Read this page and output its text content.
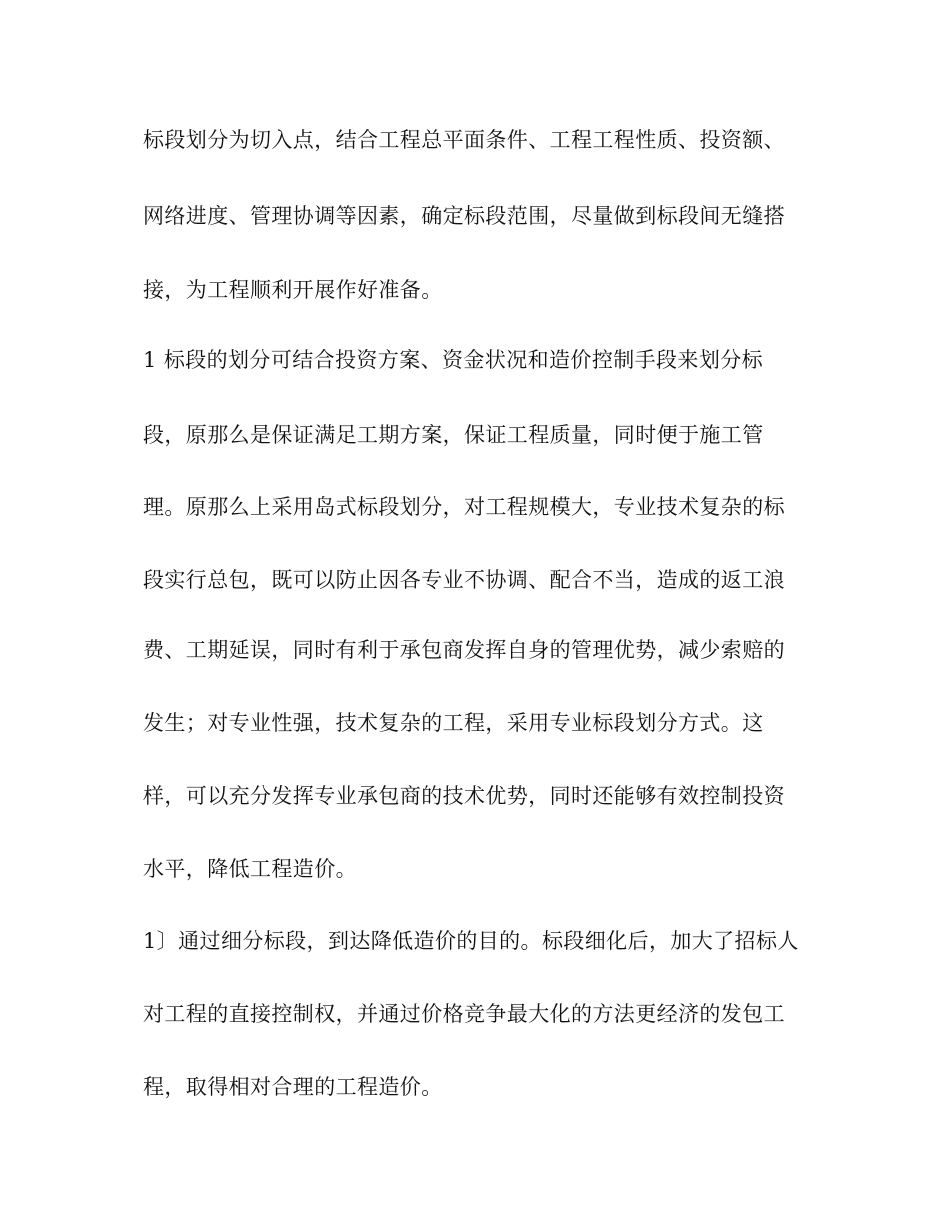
标段划分为切入点，结合工程总平面条件、工程工程性质、投资额、

网络进度、管理协调等因素，确定标段范围，尽量做到标段间无缝搭

接，为工程顺利开展作好准备。

1 标段的划分可结合投资方案、资金状况和造价控制手段来划分标

段，原那么是保证满足工期方案，保证工程质量，同时便于施工管

理。原那么上采用岛式标段划分，对工程规模大，专业技术复杂的标

段实行总包，既可以防止因各专业不协调、配合不当，造成的返工浪

费、工期延误，同时有利于承包商发挥自身的管理优势，减少索赔的

发生；对专业性强，技术复杂的工程，采用专业标段划分方式。这

样，可以充分发挥专业承包商的技术优势，同时还能够有效控制投资

水平，降低工程造价。

1〕通过细分标段，到达降低造价的目的。标段细化后，加大了招标人

对工程的直接控制权，并通过价格竞争最大化的方法更经济的发包工

程，取得相对合理的工程造价。
